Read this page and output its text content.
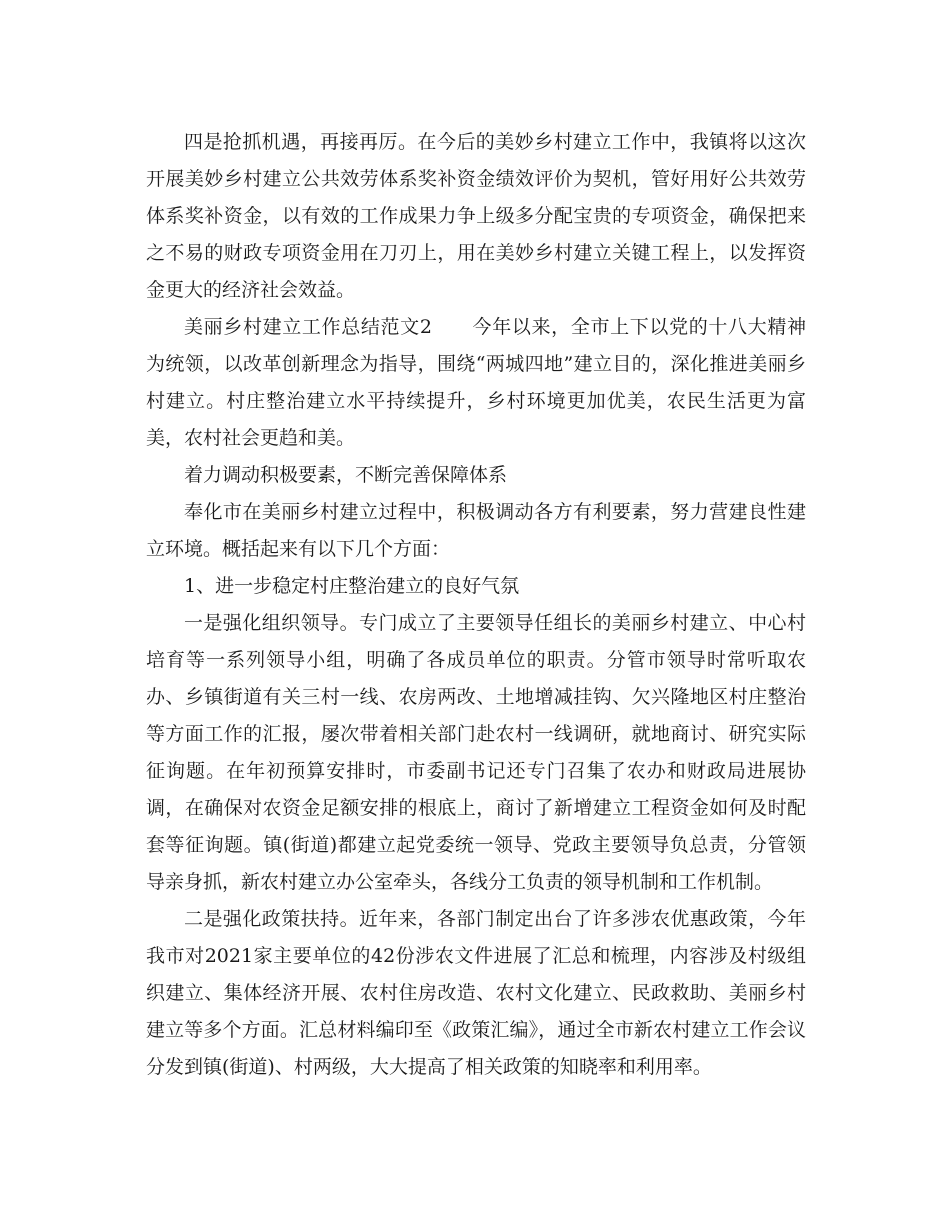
四是抢抓机遇，再接再厉。在今后的美妙乡村建立工作中，我镇将以这次开展美妙乡村建立公共效劳体系奖补资金绩效评价为契机，管好用好公共效劳体系奖补资金，以有效的工作成果力争上级多分配宝贵的专项资金，确保把来之不易的财政专项资金用在刀刃上，用在美妙乡村建立关键工程上，以发挥资金更大的经济社会效益。

美丽乡村建立工作总结范文2 今年以来，全市上下以党的十八大精神为统领，以改革创新理念为指导，围绕“两城四地”建立目的，深化推进美丽乡村建立。村庄整治建立水平持续提升，乡村环境更加优美，农民生活更为富美，农村社会更趋和美。

着力调动积极要素，不断完善保障体系

奉化市在美丽乡村建立过程中，积极调动各方有利要素，努力营建良性建立环境。概括起来有以下几个方面：

1、进一步稳定村庄整治建立的良好气氛

一是强化组织领导。专门成立了主要领导任组长的美丽乡村建立、中心村培育等一系列领导小组，明确了各成员单位的职责。分管市领导时常听取农办、乡镇街道有关三村一线、农房两改、土地增减挂钩、欠兴隆地区村庄整治等方面工作的汇报，屡次带着相关部门赴农村一线调研，就地商讨、研究实际征询题。在年初预算安排时，市委副书记还专门召集了农办和财政局进展协调，在确保对农资金足额安排的根底上，商讨了新增建立工程资金如何及时配套等征询题。镇(街道)都建立起党委统一领导、党政主要领导负总责，分管领导亲身抓，新农村建立办公室牵头，各线分工负责的领导机制和工作机制。

二是强化政策扶持。近年来，各部门制定出台了许多涉农优惠政策，今年我市对2021家主要单位的42份涉农文件进展了汇总和梳理，内容涉及村级组织建立、集体经济开展、农村住房改造、农村文化建立、民政救助、美丽乡村建立等多个方面。汇总材料编印至《政策汇编》，通过全市新农村建立工作会议分发到镇(街道)、村两级，大大提高了相关政策的知晓率和利用率。
